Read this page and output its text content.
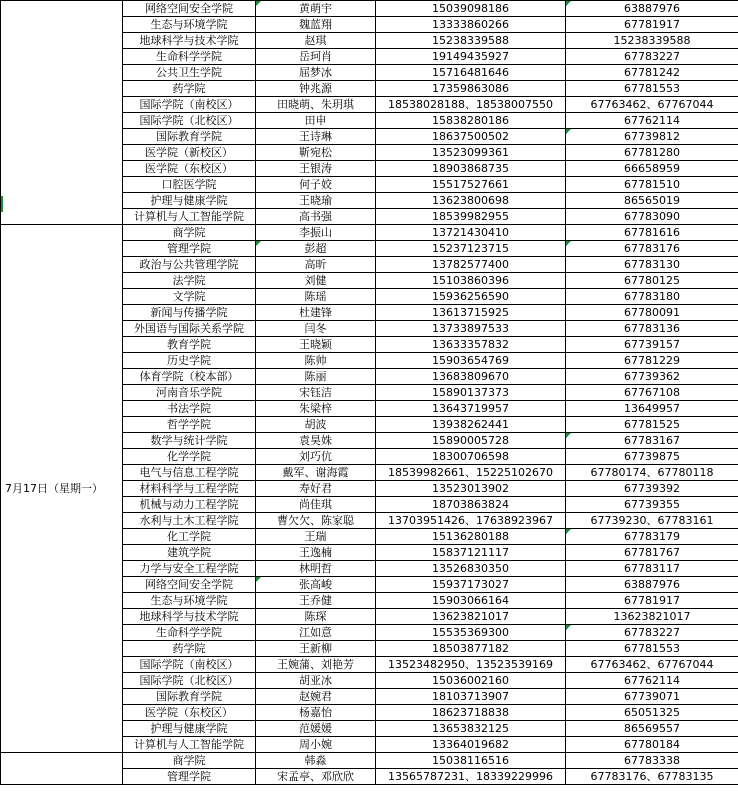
	网络空间安全学院	黄萌宇	15039098186	63887976

	生态与环境学院	魏蓝翔	13333860266	67781917
	地球科学与技术学院	赵琪	15238339588	15238339588
	生命科学学院	岳珂肖	19149435927	67783227
	公共卫生学院	屈梦冰	15716481646	67781242
	药学院	钟兆源	17359863086	67781553
	国际学院（南校区）	田晓萌、朱玥琪	18538028188、18538007550	67763462、67767044
	国际学院（北校区）	田申	15838280186	67762114
	国际教育学院	王诗琳	18637500502	67739812

	医学院（新校区）	靳宛松	13523099361	67781280
	医学院（东校区）	王银涛	18903868735	66658959
	口腔医学院	何子姣	15517527661	67781510
	护理与健康学院	王晓瑜	13623800698	86565019
	计算机与人工智能学院	高书强	18539982955	67783090
7月17日（星期一）	商学院	李振山	13721430410	67781616
	管理学院	彭超	15237123715	67783176

	政治与公共管理学院	高昕	13782577400	67783130
	法学院	刘健	15103860396	67780125
	文学院	陈瑶	15936256590	67783180
	新闻与传播学院	杜建锋	13613715925	67780091
	外国语与国际关系学院	闫冬	13733897533	67783136
	教育学院	王晓颖	13633357832	67739157
	历史学院	陈帅	15903654769	67781229
	体育学院（校本部）	陈丽	13683809670	67739362
	河南音乐学院	宋钰洁	15890137373	67767108
	书法学院	朱梁梓	13643719957	13649957
	哲学学院	胡波	13938262441	67781525
	数学与统计学院	袁昊姝	15890005728	67783167

	化学学院	刘巧伉	18300706598	67739875
	电气与信息工程学院	戴军、谢海霞	18539982661、15225102670	67780174、67780118
	材料科学与工程学院	寿好君	13523013902	67739392
	机械与动力工程学院	尚佳琪	18703863824	67739355
	水利与土木工程学院	曹欠欠、陈家聪	13703951426、17638923967	67739230、67783161
	化工学院	王瑞	15136280188	67783179

	建筑学院	王逸楠	15837121117	67781767
	力学与安全工程学院	林明哲	13526830350	67783117
	网络空间安全学院	张高峻	15937173027	63887976
	生态与环境学院	王乔健	15903066164	67781917
	地球科学与技术学院	陈琛	13623821017	13623821017
	生命科学学院	江如意	15535369300	67783227

	药学院	王新柳	18503877182	67781553
	国际学院（南校区）	王婉蒲、刘艳芳	13523482950、13523539169	67763462、67767044
	国际学院（北校区）	胡亚冰	15036002160	67762114
	国际教育学院	赵婉君	18103713907	67739071
	医学院（东校区）	杨嘉怡	18623718838	65051325
	护理与健康学院	范媛媛	13653832125	86569557
	计算机与人工智能学院	周小婉	13364019682	67780184
	商学院	韩淼	15038116516	67783338
	管理学院	宋孟亭、邓欣欣	13565787231、18339229996	67783176、67783135
